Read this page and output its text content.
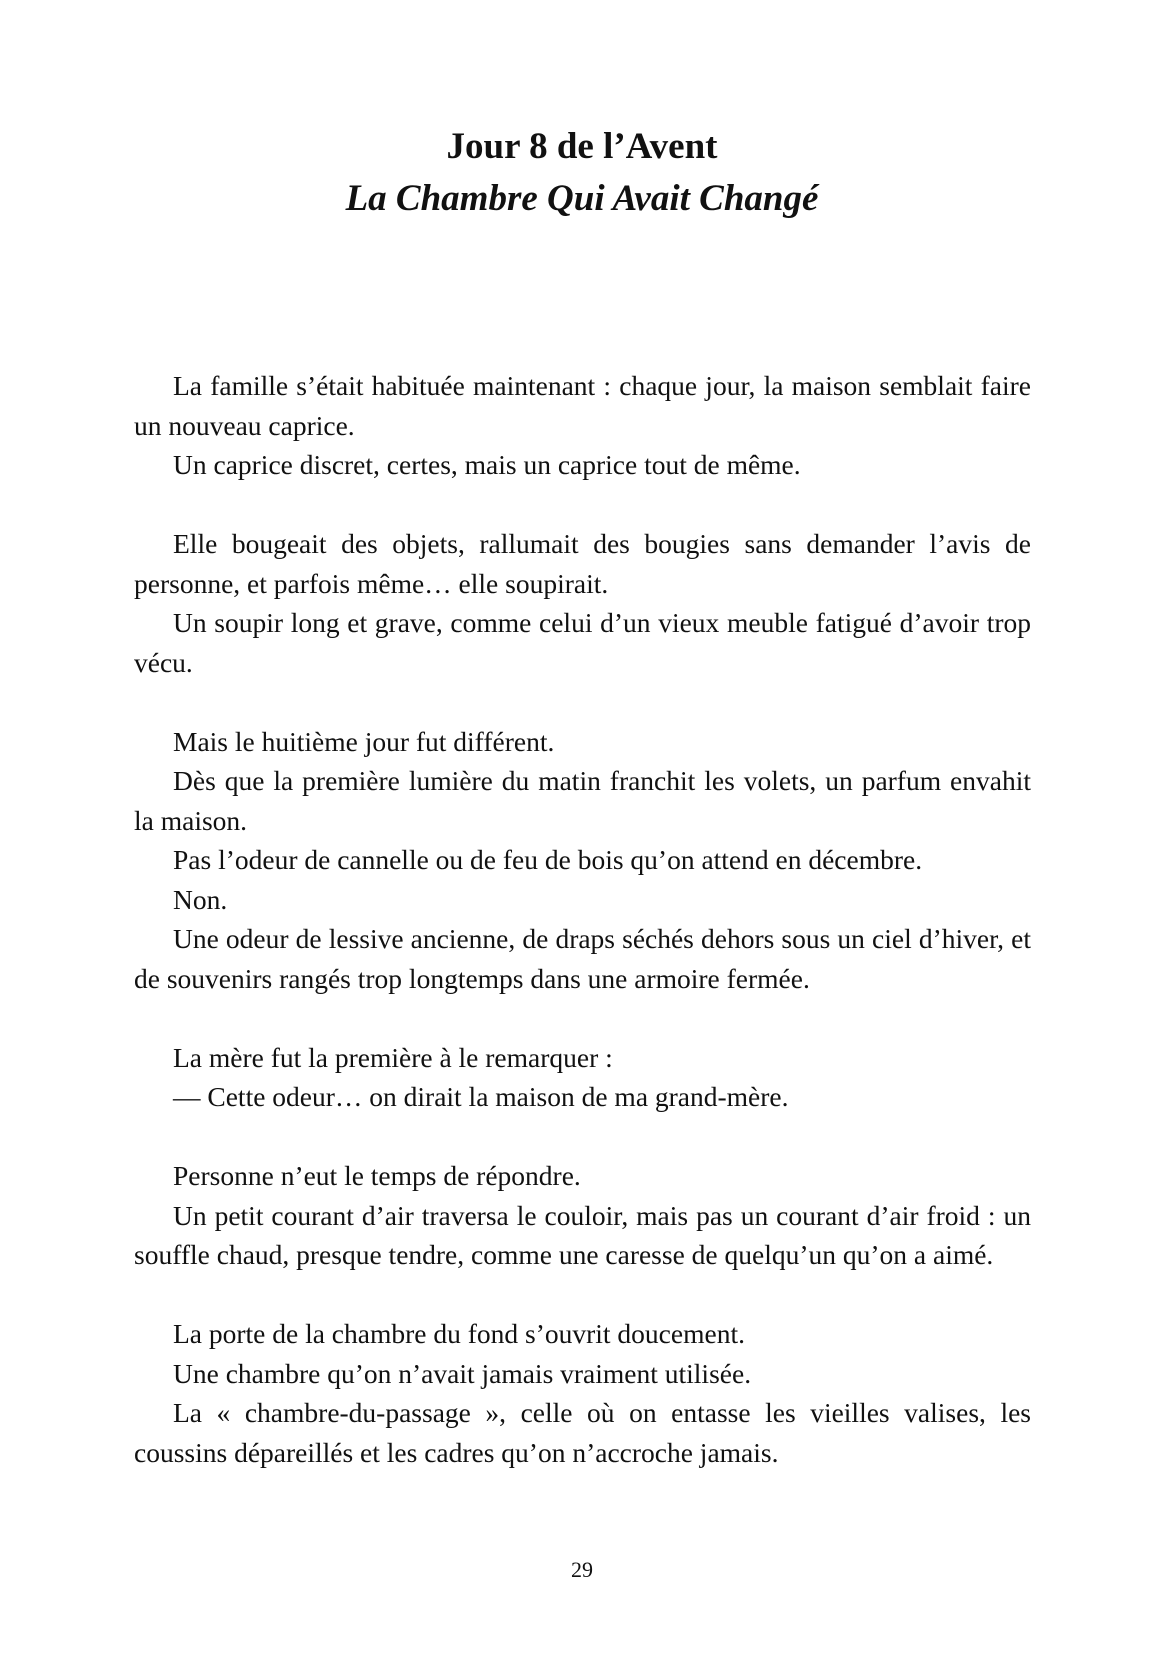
Jour 8 de l’Avent
La Chambre Qui Avait Changé

La famille s’était habituée maintenant : chaque jour, la maison semblait faire un nouveau caprice.

Un caprice discret, certes, mais un caprice tout de même.

Elle bougeait des objets, rallumait des bougies sans demander l’avis de personne, et parfois même… elle soupirait.

Un soupir long et grave, comme celui d’un vieux meuble fatigué d’avoir trop vécu.

Mais le huitième jour fut différent.

Dès que la première lumière du matin franchit les volets, un parfum envahit la maison.

Pas l’odeur de cannelle ou de feu de bois qu’on attend en décembre.

Non.

Une odeur de lessive ancienne, de draps séchés dehors sous un ciel d’hiver, et de souvenirs rangés trop longtemps dans une armoire fermée.

La mère fut la première à le remarquer :

— Cette odeur… on dirait la maison de ma grand-mère.

Personne n’eut le temps de répondre.

Un petit courant d’air traversa le couloir, mais pas un courant d’air froid : un souffle chaud, presque tendre, comme une caresse de quelqu’un qu’on a aimé.

La porte de la chambre du fond s’ouvrit doucement.

Une chambre qu’on n’avait jamais vraiment utilisée.

La « chambre-du-passage », celle où on entasse les vieilles valises, les coussins dépareillés et les cadres qu’on n’accroche jamais.

29
